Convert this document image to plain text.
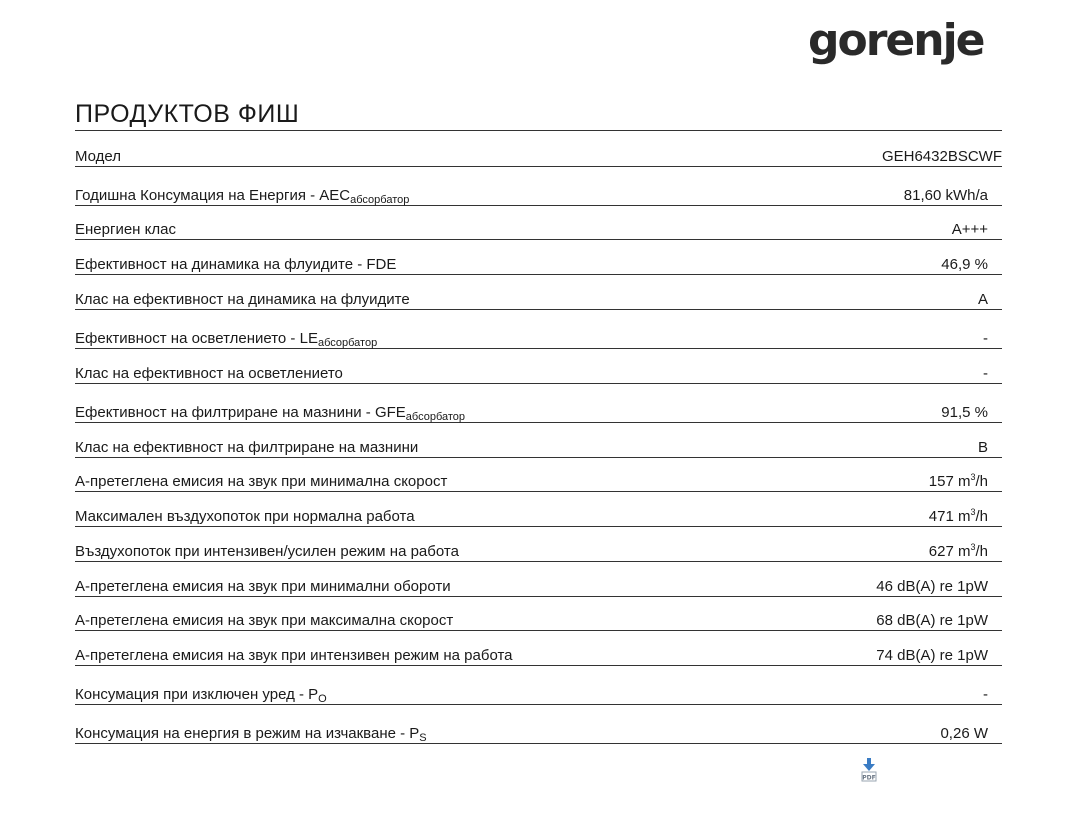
gorenje
ПРОДУКТОВ ФИШ
Модел	GEH6432BSCWF
Годишна Консумация на Енергия - $AEC_{абсорбатор}$	81,60 kWh/a
Енергиен клас	A+++
Ефективност на динамика на флуидите - FDE	46,9 %
Клас на ефективност на динамика на флуидите	A
Ефективност на осветлението - $LE_{абсорбатор}$	-
Клас на ефективност на осветлението	-
Ефективност на филтриране на мазнини - $GFE_{абсорбатор}$	91,5 %
Клас на ефективност на филтриране на мазнини	B
А-претеглена емисия на звук при минимална скорост	157 $m^3/h$
Максимален въздухопоток при нормална работа	471 $m^3/h$
Въздухопоток при интензивен/усилен режим на работа	627 $m^3/h$
А-претеглена емисия на звук при минимални обороти	46 dB(A) re 1pW
А-претеглена емисия на звук при максимална скорост	68 dB(A) re 1pW
А-претеглена емисия на звук при интензивен режим на работа	74 dB(A) re 1pW
Консумация при изключен уред - $P_O$	-
Консумация на енергия в режим на изчакване - $P_S$	0,26 W
PDF
